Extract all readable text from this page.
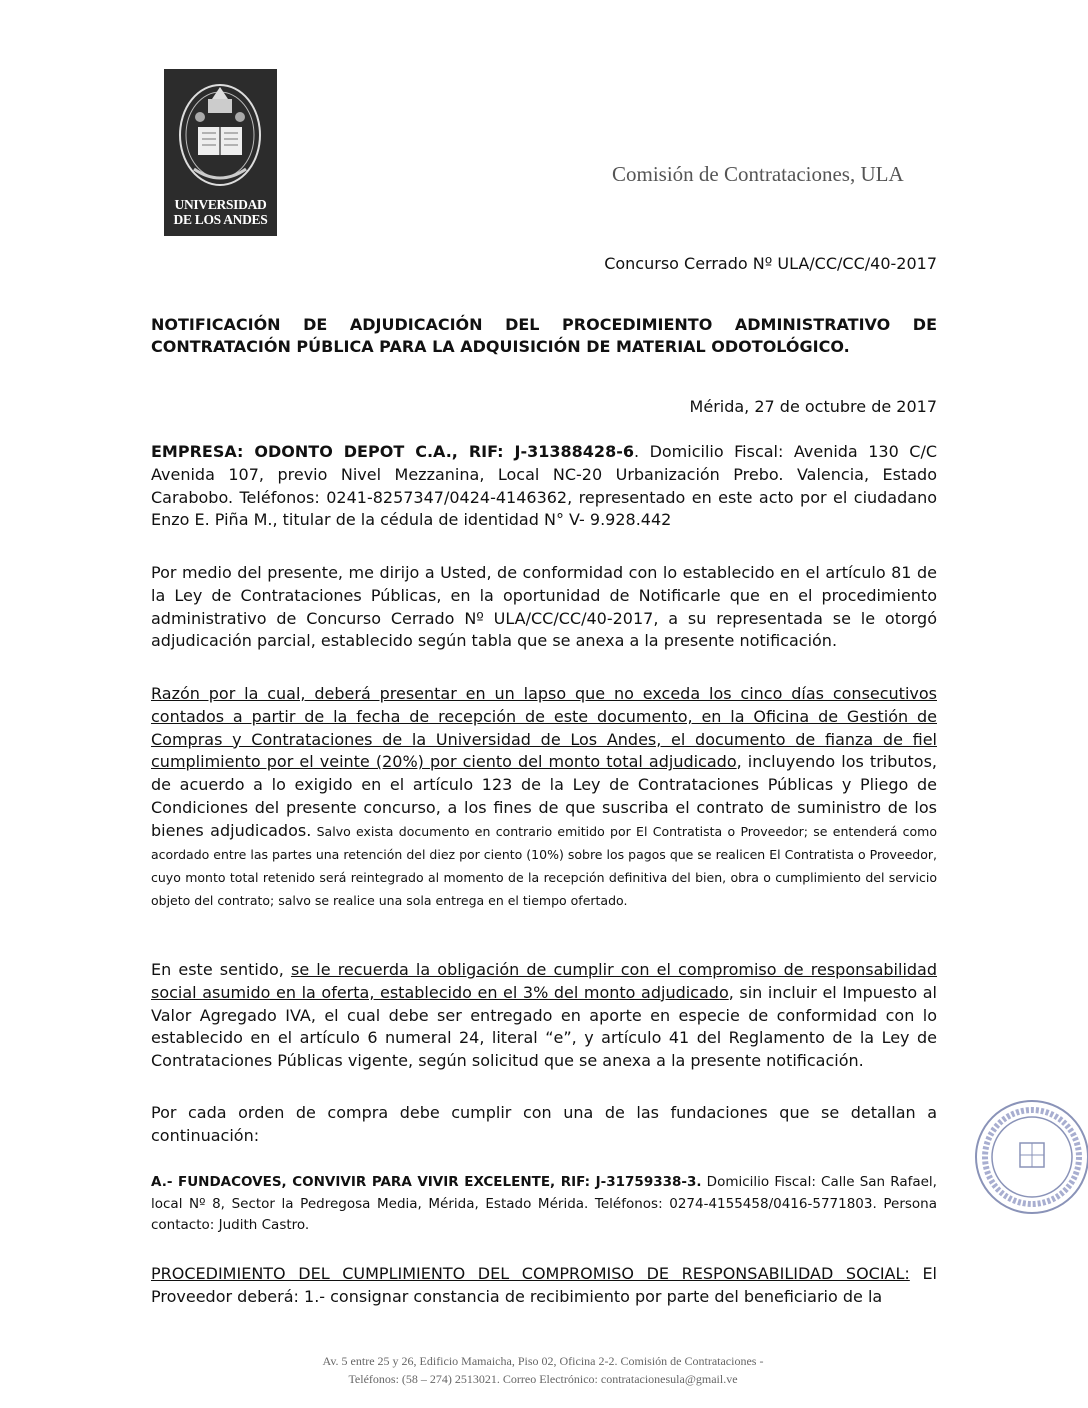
UNIVERSIDAD
DE LOS ANDES
Comisión de Contrataciones, ULA
Concurso Cerrado Nº ULA/CC/CC/40-2017
NOTIFICACIÓN DE ADJUDICACIÓN DEL PROCEDIMIENTO ADMINISTRATIVO DE CONTRATACIÓN PÚBLICA PARA LA ADQUISICIÓN DE MATERIAL ODOTOLÓGICO.
Mérida, 27 de octubre de 2017
EMPRESA: ODONTO DEPOT C.A., RIF: J-31388428-6. Domicilio Fiscal: Avenida 130 C/C Avenida 107, previo Nivel Mezzanina, Local NC-20 Urbanización Prebo. Valencia, Estado Carabobo. Teléfonos: 0241-8257347/0424-4146362, representado en este acto por el ciudadano Enzo E. Piña M., titular de la cédula de identidad N° V- 9.928.442
Por medio del presente, me dirijo a Usted, de conformidad con lo establecido en el artículo 81 de la Ley de Contrataciones Públicas, en la oportunidad de Notificarle que en el procedimiento administrativo de Concurso Cerrado Nº ULA/CC/CC/40-2017, a su representada se le otorgó adjudicación parcial, establecido según tabla que se anexa a la presente notificación.
Razón por la cual, deberá presentar en un lapso que no exceda los cinco días consecutivos contados a partir de la fecha de recepción de este documento, en la Oficina de Gestión de Compras y Contrataciones de la Universidad de Los Andes, el documento de fianza de fiel cumplimiento por el veinte (20%) por ciento del monto total adjudicado, incluyendo los tributos, de acuerdo a lo exigido en el artículo 123 de la Ley de Contrataciones Públicas y Pliego de Condiciones del presente concurso, a los fines de que suscriba el contrato de suministro de los bienes adjudicados. Salvo exista documento en contrario emitido por El Contratista o Proveedor; se entenderá como acordado entre las partes una retención del diez por ciento (10%) sobre los pagos que se realicen El Contratista o Proveedor, cuyo monto total retenido será reintegrado al momento de la recepción definitiva del bien, obra o cumplimiento del servicio objeto del contrato; salvo se realice una sola entrega en el tiempo ofertado.
En este sentido, se le recuerda la obligación de cumplir con el compromiso de responsabilidad social asumido en la oferta, establecido en el 3% del monto adjudicado, sin incluir el Impuesto al Valor Agregado IVA, el cual debe ser entregado en aporte en especie de conformidad con lo establecido en el artículo 6 numeral 24, literal “e”, y artículo 41 del Reglamento de la Ley de Contrataciones Públicas vigente, según solicitud que se anexa a la presente notificación.
Por cada orden de compra debe cumplir con una de las fundaciones que se detallan a continuación:
A.- FUNDACOVES, CONVIVIR PARA VIVIR EXCELENTE, RIF: J-31759338-3. Domicilio Fiscal: Calle San Rafael, local Nº 8, Sector la Pedregosa Media, Mérida, Estado Mérida. Teléfonos: 0274-4155458/0416-5771803. Persona contacto: Judith Castro.
PROCEDIMIENTO DEL CUMPLIMIENTO DEL COMPROMISO DE RESPONSABILIDAD SOCIAL: El Proveedor deberá: 1.- consignar constancia de recibimiento por parte del beneficiario de la
Av. 5 entre 25 y 26, Edificio Mamaicha, Piso 02, Oficina 2-2. Comisión de Contrataciones -
Teléfonos: (58 – 274) 2513021. Correo Electrónico: contratacionesula@gmail.ve
